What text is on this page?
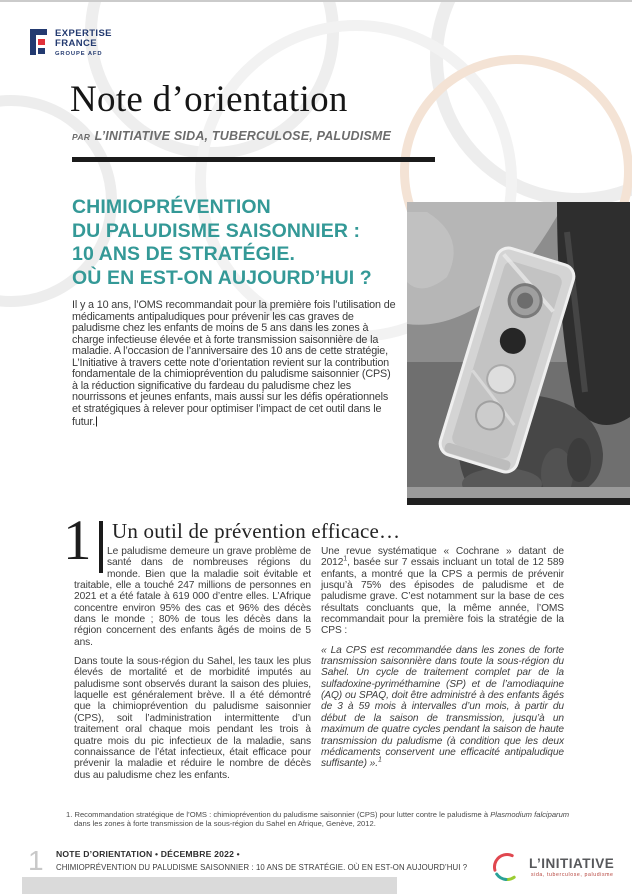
EXPERTISE
FRANCE
GROUPE AFD
Note d’orientation
PAR L’INITIATIVE SIDA, TUBERCULOSE, PALUDISME
CHIMIOPRÉVENTION
DU PALUDISME SAISONNIER :
10 ANS DE STRATÉGIE.
OÙ EN EST-ON AUJOURD’HUI ?
Il y a 10 ans, l’OMS recommandait pour la première fois l’utilisation de médicaments antipaludiques pour prévenir les cas graves de paludisme chez les enfants de moins de 5 ans dans les zones à charge infectieuse élevée et à forte transmission saisonnière de la maladie. A l’occasion de l’anniversaire des 10 ans de cette stratégie, L’Initiative à travers cette note d’orientation revient sur la contribution fondamentale de la chimioprévention du paludisme saisonnier (CPS) à la réduction significative du fardeau du paludisme chez les nourrissons et jeunes enfants, mais aussi sur les défis opérationnels et stratégiques à relever pour optimiser l’impact de cet outil dans le futur.
1 Un outil de prévention efficace…

Le paludisme demeure un grave problème de santé dans de nombreuses régions du monde. Bien que la maladie soit évitable et traitable, elle a touché 247 millions de personnes en 2021 et a été fatale à 619 000 d’entre elles. L’Afrique concentre environ 95% des cas et 96% des décès dans le monde ; 80% de tous les décès dans la région concernent des enfants âgés de moins de 5 ans.

Dans toute la sous-région du Sahel, les taux les plus élevés de mortalité et de morbidité imputés au paludisme sont observés durant la saison des pluies, laquelle est généralement brève. Il a été démontré que la chimioprévention du paludisme saisonnier (CPS), soit l’administration intermittente d’un traitement oral chaque mois pendant les trois à quatre mois du pic infectieux de la maladie, sans connaissance de l’état infectieux, était efficace pour prévenir la maladie et réduire le nombre de décès dus au paludisme chez les enfants.

Une revue systématique « Cochrane » datant de 2012$^1$, basée sur 7 essais incluant un total de 12 589 enfants, a montré que la CPS a permis de prévenir jusqu’à 75% des épisodes de paludisme et de paludisme grave. C’est notamment sur la base de ces résultats concluants que, la même année, l’OMS recommandait pour la première fois la stratégie de la CPS :

« La CPS est recommandée dans les zones de forte transmission saisonnière dans toute la sous-région du Sahel. Un cycle de traitement complet par de la sulfadoxine-pyriméthamine (SP) et de l’amodiaquine (AQ) ou SPAQ, doit être administré à des enfants âgés de 3 à 59 mois à intervalles d’un mois, à partir du début de la saison de transmission, jusqu’à un maximum de quatre cycles pendant la saison de haute transmission du paludisme (à condition que les deux médicaments conservent une efficacité antipaludique suffisante) ».$^1$

1. Recommandation stratégique de l’OMS : chimioprévention du paludisme saisonnier (CPS) pour lutter contre le paludisme à Plasmodium falciparum dans les zones à forte transmission de la sous-région du Sahel en Afrique, Genève, 2012.
1 NOTE D’ORIENTATION • DÉCEMBRE 2022 •
CHIMIOPRÉVENTION DU PALUDISME SAISONNIER : 10 ANS DE STRATÉGIE. OÙ EN EST-ON AUJOURD’HUI ?	L’INITIATIVE
sida, tuberculose, paludisme
